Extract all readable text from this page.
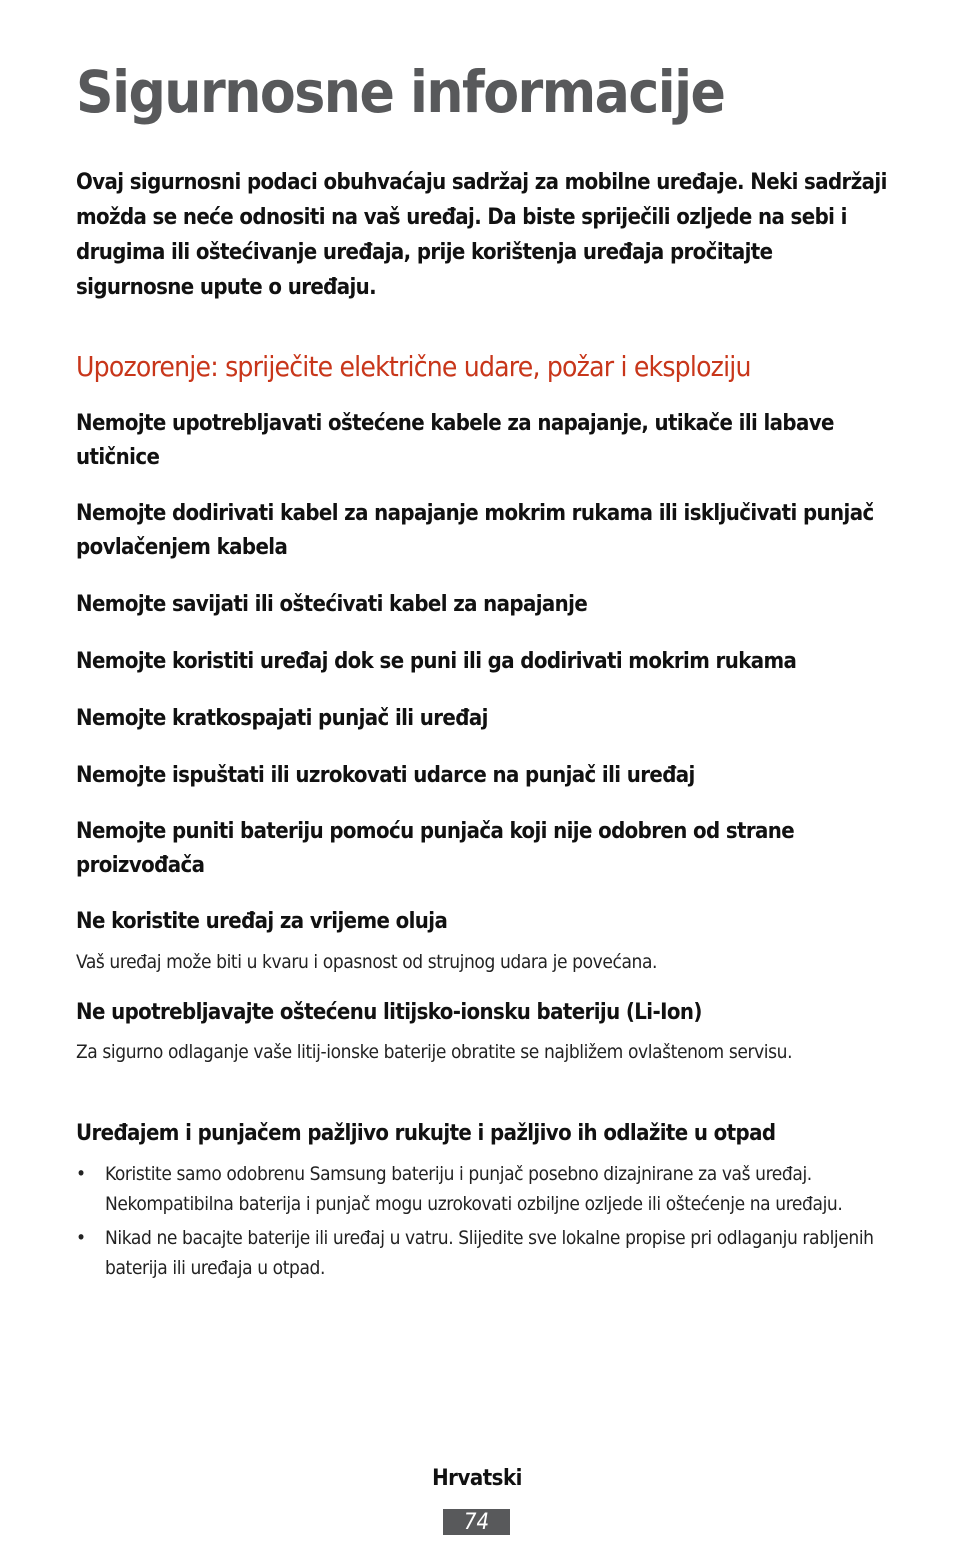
Sigurnosne informacije

Ovaj sigurnosni podaci obuhvaćaju sadržaj za mobilne uređaje. Neki sadržaji možda se neće odnositi na vaš uređaj. Da biste spriječili ozljede na sebi i drugima ili oštećivanje uređaja, prije korištenja uređaja pročitajte sigurnosne upute o uređaju.

Upozorenje: spriječite električne udare, požar i eksploziju

Nemojte upotrebljavati oštećene kabele za napajanje, utikače ili labave utičnice

Nemojte dodirivati kabel za napajanje mokrim rukama ili isključivati punjač povlačenjem kabela

Nemojte savijati ili oštećivati kabel za napajanje

Nemojte koristiti uređaj dok se puni ili ga dodirivati mokrim rukama

Nemojte kratkospajati punjač ili uređaj

Nemojte ispuštati ili uzrokovati udarce na punjač ili uređaj

Nemojte puniti bateriju pomoću punjača koji nije odobren od strane proizvođača

Ne koristite uređaj za vrijeme oluja

Vaš uređaj može biti u kvaru i opasnost od strujnog udara je povećana.

Ne upotrebljavajte oštećenu litijsko-ionsku bateriju (Li-Ion)

Za sigurno odlaganje vaše litij-ionske baterije obratite se najbližem ovlaštenom servisu.

Uređajem i punjačem pažljivo rukujte i pažljivo ih odlažite u otpad

•	Koristite samo odobrenu Samsung bateriju i punjač posebno dizajnirane za vaš uređaj. Nekompatibilna baterija i punjač mogu uzrokovati ozbiljne ozljede ili oštećenje na uređaju.
•	Nikad ne bacajte baterije ili uređaj u vatru. Slijedite sve lokalne propise pri odlaganju rabljenih baterija ili uređaja u otpad.
Hrvatski
74
